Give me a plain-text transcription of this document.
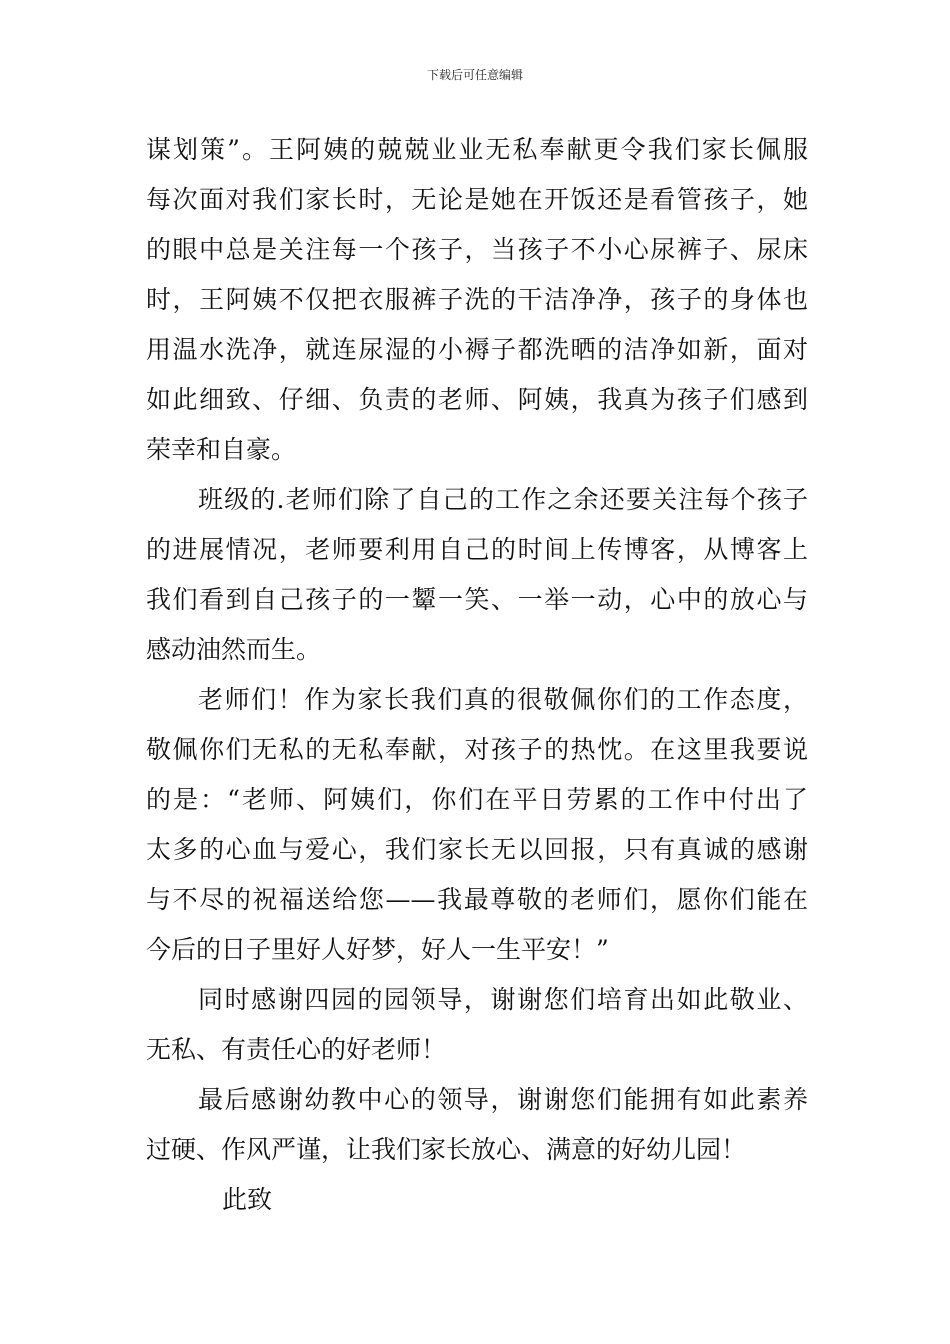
下载后可任意编辑
谋划策”。王阿姨的兢兢业业无私奉献更令我们家长佩服
每次面对我们家长时，无论是她在开饭还是看管孩子，她
的眼中总是关注每一个孩子，当孩子不小心尿裤子、尿床
时，王阿姨不仅把衣服裤子洗的干洁净净，孩子的身体也
用温水洗净，就连尿湿的小褥子都洗晒的洁净如新，面对
如此细致、仔细、负责的老师、阿姨，我真为孩子们感到
荣幸和自豪。
班级的.老师们除了自己的工作之余还要关注每个孩子
的进展情况，老师要利用自己的时间上传博客，从博客上
我们看到自己孩子的一颦一笑、一举一动，心中的放心与
感动油然而生。
老师们！作为家长我们真的很敬佩你们的工作态度，
敬佩你们无私的无私奉献，对孩子的热忱。在这里我要说
的是：“老师、阿姨们，你们在平日劳累的工作中付出了
太多的心血与爱心，我们家长无以回报，只有真诚的感谢
与不尽的祝福送给您——我最尊敬的老师们，愿你们能在
今后的日子里好人好梦，好人一生平安！”
同时感谢四园的园领导，谢谢您们培育出如此敬业、
无私、有责任心的好老师！
最后感谢幼教中心的领导，谢谢您们能拥有如此素养
过硬、作风严谨，让我们家长放心、满意的好幼儿园！
此致
